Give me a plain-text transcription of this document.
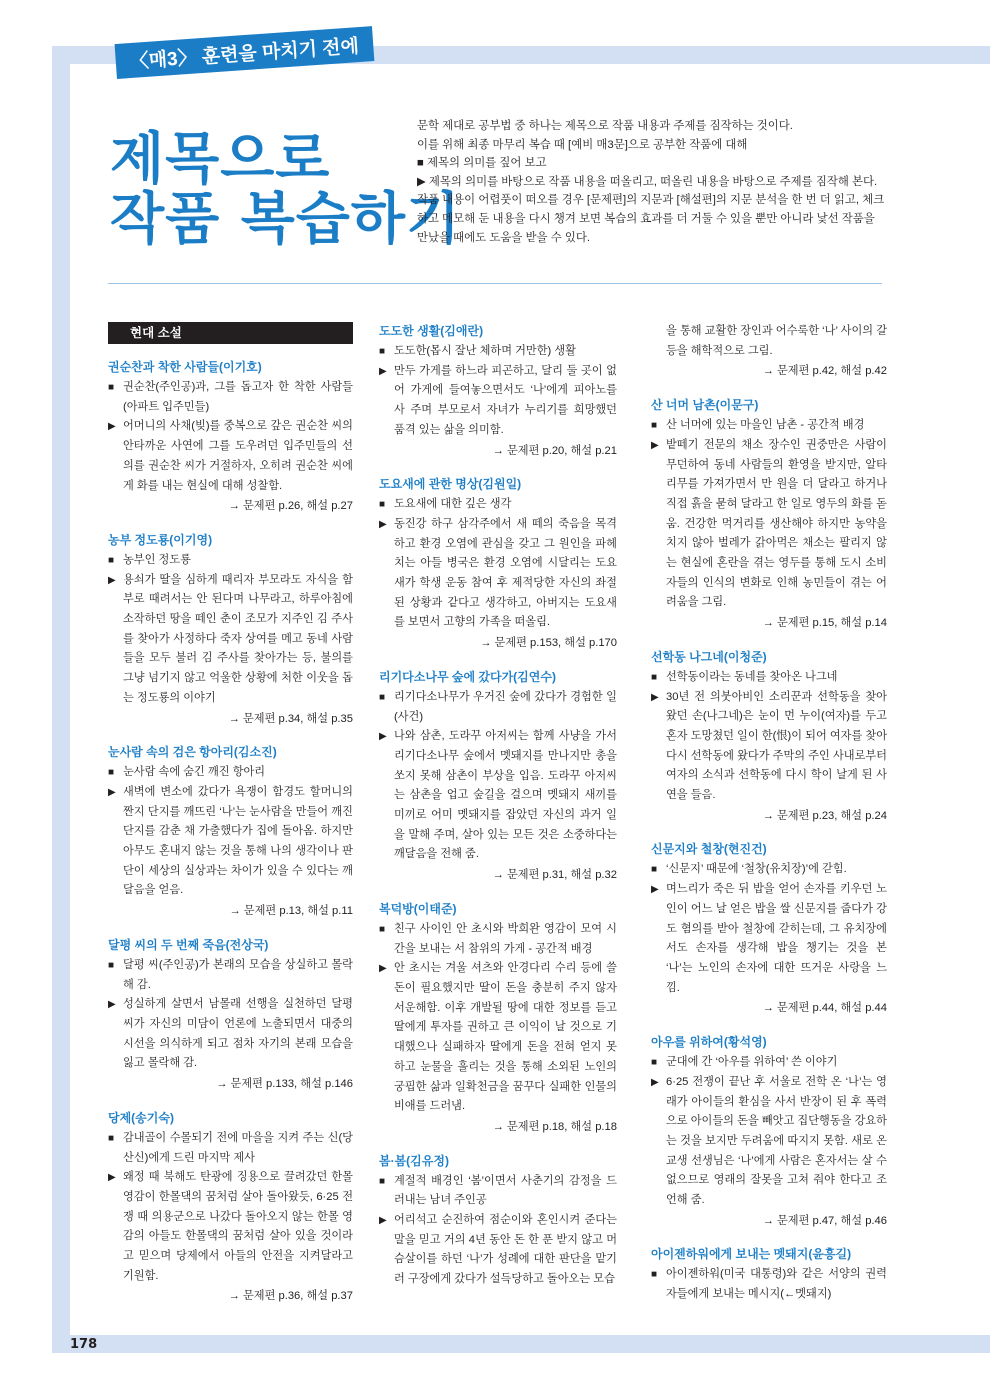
〈매3〉 훈련을 마치기 전에
제목으로
작품 복습하기

문학 제대로 공부법 중 하나는 제목으로 작품 내용과 주제를 짐작하는 것이다.

이를 위해 최종 마무리 복습 때 [예비 매3문]으로 공부한 작품에 대해

■ 제목의 의미를 짚어 보고

▶ 제목의 의미를 바탕으로 작품 내용을 떠올리고, 떠올린 내용을 바탕으로 주제를 짐작해 본다.

작품 내용이 어렵풋이 떠오를 경우 [문제편]의 지문과 [해설편]의 지문 분석을 한 번 더 읽고, 체크하고 메모해 둔 내용을 다시 챙겨 보면 복습의 효과를 더 거둘 수 있을 뿐만 아니라 낯선 작품을 만났을 때에도 도움을 받을 수 있다.

현대 소설
권순찬과 착한 사람들(이기호)

■ 권순찬(주인공)과, 그를 돕고자 한 착한 사람들(아파트 입주민들)

▶ 어머니의 사채(빚)를 중복으로 갚은 권순찬 씨의 안타까운 사연에 그를 도우려던 입주민들의 선의를 권순찬 씨가 거절하자, 오히려 권순찬 씨에게 화를 내는 현실에 대해 성찰함.

→ 문제편 p.26, 해설 p.27

농부 정도룡(이기영)

■ 농부인 정도룡

▶ 용쇠가 딸을 심하게 때리자 부모라도 자식을 함부로 때려서는 안 된다며 나무라고, 하루아침에 소작하던 땅을 떼인 춘이 조모가 지주인 김 주사를 찾아가 사정하다 죽자 상여를 메고 동네 사람들을 모두 불러 김 주사를 찾아가는 등, 불의를 그냥 넘기지 않고 억울한 상황에 처한 이웃을 돕는 정도룡의 이야기

→ 문제편 p.34, 해설 p.35

눈사람 속의 검은 항아리(김소진)

■ 눈사람 속에 숨긴 깨진 항아리

▶ 새벽에 변소에 갔다가 욕쟁이 함경도 할머니의 짠지 단지를 깨뜨린 ‘나’는 눈사람을 만들어 깨진 단지를 감춘 채 가출했다가 집에 돌아옴. 하지만 아무도 혼내지 않는 것을 통해 나의 생각이나 판단이 세상의 실상과는 차이가 있을 수 있다는 깨달음을 얻음.

→ 문제편 p.13, 해설 p.11

달평 씨의 두 번째 죽음(전상국)

■ 달평 씨(주인공)가 본래의 모습을 상실하고 몰락해 감.

▶ 성실하게 살면서 남몰래 선행을 실천하던 달평 씨가 자신의 미담이 언론에 노출되면서 대중의 시선을 의식하게 되고 점차 자기의 본래 모습을 잃고 몰락해 감.

→ 문제편 p.133, 해설 p.146

당제(송기숙)

■ 감내골이 수몰되기 전에 마을을 지켜 주는 신(당산신)에게 드린 마지막 제사

▶ 왜정 때 북해도 탄광에 징용으로 끌려갔던 한몰 영감이 한몰댁의 꿈처럼 살아 돌아왔듯, 6·25 전쟁 때 의용군으로 나갔다 돌아오지 않는 한몰 영감의 아들도 한몰댁의 꿈처럼 살아 있을 것이라고 믿으며 당제에서 아들의 안전을 지켜달라고 기원함.

→ 문제편 p.36, 해설 p.37

도도한 생활(김애란)

■ 도도한(몹시 잘난 체하며 거만한) 생활

▶ 만두 가게를 하느라 피곤하고, 달리 둘 곳이 없어 가게에 들여놓으면서도 ‘나’에게 피아노를 사 주며 부모로서 자녀가 누리기를 희망했던 품격 있는 삶을 의미함.

→ 문제편 p.20, 해설 p.21

도요새에 관한 명상(김원일)

■ 도요새에 대한 깊은 생각

▶ 동진강 하구 삼각주에서 새 떼의 죽음을 목격하고 환경 오염에 관심을 갖고 그 원인을 파헤치는 아들 병국은 환경 오염에 시달리는 도요새가 학생 운동 참여 후 제적당한 자신의 좌절된 상황과 같다고 생각하고, 아버지는 도요새를 보면서 고향의 가족을 떠올림.

→ 문제편 p.153, 해설 p.170

리기다소나무 숲에 갔다가(김연수)

■ 리기다소나무가 우거진 숲에 갔다가 경험한 일(사건)

▶ 나와 삼촌, 도라꾸 아저씨는 함께 사냥을 가서 리기다소나무 숲에서 멧돼지를 만나지만 총을 쏘지 못해 삼촌이 부상을 입음. 도라꾸 아저씨는 삼촌을 업고 숲길을 걸으며 멧돼지 새끼를 미끼로 어미 멧돼지를 잡았던 자신의 과거 일을 말해 주며, 살아 있는 모든 것은 소중하다는 깨달음을 전해 줌.

→ 문제편 p.31, 해설 p.32

복덕방(이태준)

■ 친구 사이인 안 초시와 박희완 영감이 모여 시간을 보내는 서 참위의 가게 - 공간적 배경

▶ 안 초시는 겨울 셔츠와 안경다리 수리 등에 쓸 돈이 필요했지만 딸이 돈을 충분히 주지 않자 서운해함. 이후 개발될 땅에 대한 정보를 듣고 딸에게 투자를 권하고 큰 이익이 날 것으로 기대했으나 실패하자 딸에게 돈을 전혀 얻지 못하고 눈물을 흘리는 것을 통해 소외된 노인의 궁핍한 삶과 일확천금을 꿈꾸다 실패한 인물의 비애를 드러냄.

→ 문제편 p.18, 해설 p.18

봄·봄(김유정)

■ 계절적 배경인 ‘봄’이면서 사춘기의 감정을 드러내는 남녀 주인공

▶ 어리석고 순진하여 점순이와 혼인시켜 준다는 말을 믿고 거의 4년 동안 돈 한 푼 받지 않고 머슴살이를 하던 ‘나’가 성례에 대한 판단을 맡기러 구장에게 갔다가 설득당하고 돌아오는 모습

을 통해 교활한 장인과 어수룩한 ‘나’ 사이의 갈등을 해학적으로 그림.

→ 문제편 p.42, 해설 p.42

산 너머 남촌(이문구)

■ 산 너머에 있는 마을인 남촌 - 공간적 배경

▶ 밭떼기 전문의 채소 장수인 권중만은 사람이 무던하여 동네 사람들의 환영을 받지만, 알타리무를 가져가면서 만 원을 더 달라고 하거나 직접 흙을 묻혀 달라고 한 일로 영두의 화를 돋움. 건강한 먹거리를 생산해야 하지만 농약을 치지 않아 벌레가 갉아먹은 채소는 팔리지 않는 현실에 혼란을 겪는 영두를 통해 도시 소비자들의 인식의 변화로 인해 농민들이 겪는 어려움을 그림.

→ 문제편 p.15, 해설 p.14

선학동 나그네(이청준)

■ 선학동이라는 동네를 찾아온 나그네

▶ 30년 전 의붓아비인 소리꾼과 선학동을 찾아왔던 손(나그네)은 눈이 먼 누이(여자)를 두고 혼자 도망쳤던 일이 한(恨)이 되어 여자를 찾아 다시 선학동에 왔다가 주막의 주인 사내로부터 여자의 소식과 선학동에 다시 학이 날게 된 사연을 들음.

→ 문제편 p.23, 해설 p.24

신문지와 철창(현진건)

■ ‘신문지’ 때문에 ‘철창(유치장)’에 갇힘.

▶ 며느리가 죽은 뒤 밥을 얻어 손자를 키우던 노인이 어느 날 얻은 밥을 쌀 신문지를 줍다가 강도 혐의를 받아 철창에 갇히는데, 그 유치장에서도 손자를 생각해 밥을 챙기는 것을 본 ‘나’는 노인의 손자에 대한 뜨거운 사랑을 느낌.

→ 문제편 p.44, 해설 p.44

아우를 위하여(황석영)

■ 군대에 간 ‘아우를 위하여’ 쓴 이야기

▶ 6·25 전쟁이 끝난 후 서울로 전학 온 ‘나’는 영래가 아이들의 환심을 사서 반장이 된 후 폭력으로 아이들의 돈을 빼앗고 집단행동을 강요하는 것을 보지만 두려움에 따지지 못함. 새로 온 교생 선생님은 ‘나’에게 사람은 혼자서는 살 수 없으므로 영래의 잘못을 고쳐 줘야 한다고 조언해 줌.

→ 문제편 p.47, 해설 p.46

아이젠하워에게 보내는 멧돼지(윤흥길)

■ 아이젠하워(미국 대통령)와 같은 서양의 권력자들에게 보내는 메시지(←멧돼지)

178
